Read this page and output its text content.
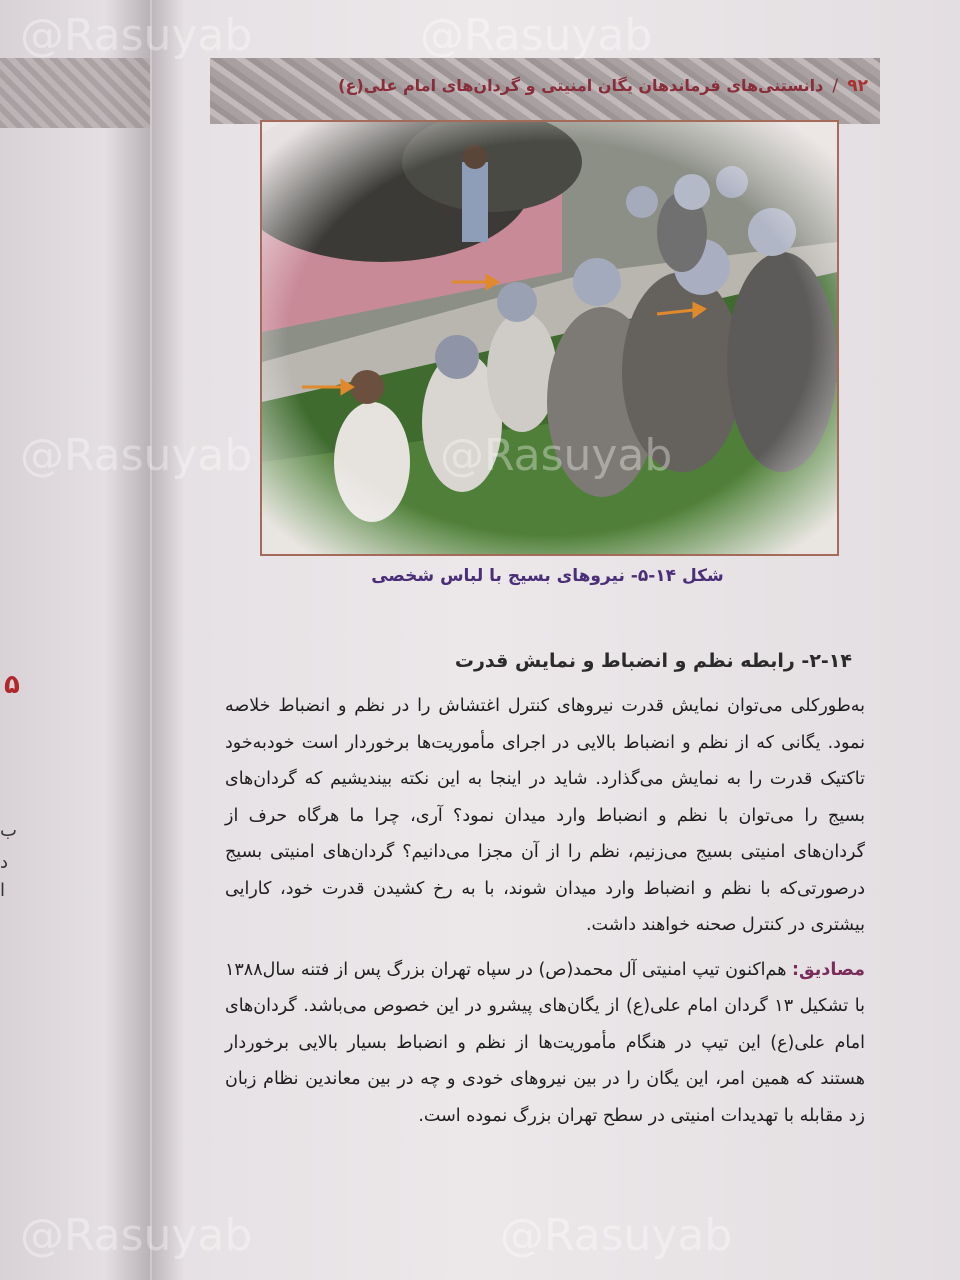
۵
ب
د
ا
۹۲ / دانستنی‌های فرماندهان یگان امنیتی و گردان‌های امام علی(ع)
شکل ۱۴-۵- نیروهای بسیج با لباس شخصی
۲-۱۴- رابطه نظم و انضباط و نمایش قدرت

به‌طورکلی می‌توان نمایش قدرت نیروهای کنترل اغتشاش را در نظم و انضباط خلاصه نمود. یگانی که از نظم و انضباط بالایی در اجرای مأموریت‌ها برخوردار است خودبه‌خود تاکتیک قدرت را به نمایش می‌گذارد. شاید در اینجا به این نکته بیندیشیم که گردان‌های بسیج را می‌توان با نظم و انضباط وارد میدان نمود؟ آری، چرا ما هرگاه حرف از گردان‌های امنیتی بسیج می‌زنیم، نظم را از آن مجزا می‌دانیم؟ گردان‌های امنیتی بسیج درصورتی‌که با نظم و انضباط وارد میدان شوند، با به رخ کشیدن قدرت خود، کارایی بیشتری در کنترل صحنه خواهند داشت.

مصادیق: هم‌اکنون تیپ امنیتی آل محمد(ص) در سپاه تهران بزرگ پس از فتنه سال۱۳۸۸ با تشکیل ۱۳ گردان امام علی(ع) از یگان‌های پیشرو در این خصوص می‌باشد. گردان‌های امام علی(ع) این تیپ در هنگام مأموریت‌ها از نظم و انضباط بسیار بالایی برخوردار هستند که همین امر، این یگان را در بین نیروهای خودی و چه در بین معاندین نظام زبان زد مقابله با تهدیدات امنیتی در سطح تهران بزرگ نموده است.

@Rasuyab	@Rasuyab
@Rasuyab	@Rasuyab
@Rasuyab	@Rasuyab
